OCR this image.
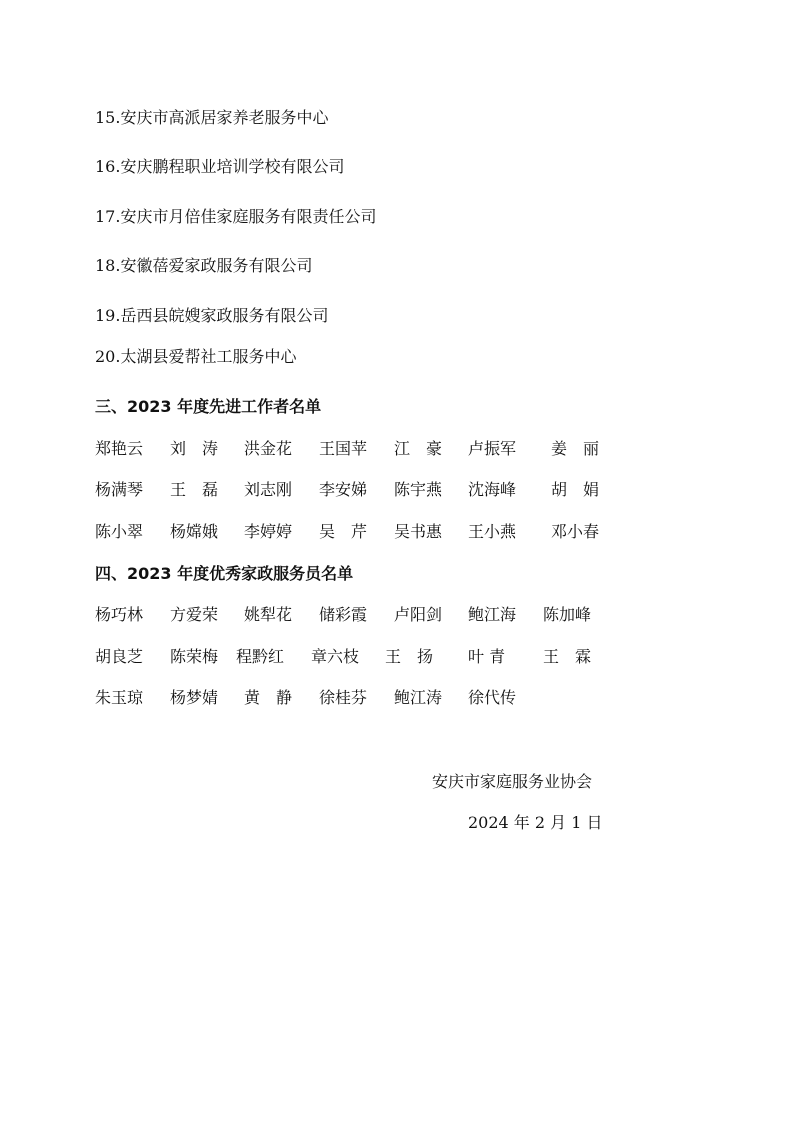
15.安庆市高派居家养老服务中心
16.安庆鹏程职业培训学校有限公司
17.安庆市月倍佳家庭服务有限责任公司
18.安徽蓓爱家政服务有限公司
19.岳西县皖嫂家政服务有限公司
20.太湖县爱帮社工服务中心
三、2023 年度先进工作者名单
郑艳云 刘　涛 洪金花 王国苹 江　豪 卢振军 姜　丽
杨满琴 王　磊 刘志刚 李安娣 陈宇燕 沈海峰 胡　娟
陈小翠 杨嫦娥 李婷婷 吴　芹 吴书惠 王小燕 邓小春
四、2023 年度优秀家政服务员名单
杨巧林 方爱荣 姚犁花 储彩霞 卢阳剑 鲍江海 陈加峰
胡良芝 陈荣梅 程黔红 章六枝 王　扬 叶 青 王　霖
朱玉琼 杨梦婧 黄　静 徐桂芬 鲍江涛 徐代传
安庆市家庭服务业协会
2024 年 2 月 1 日
